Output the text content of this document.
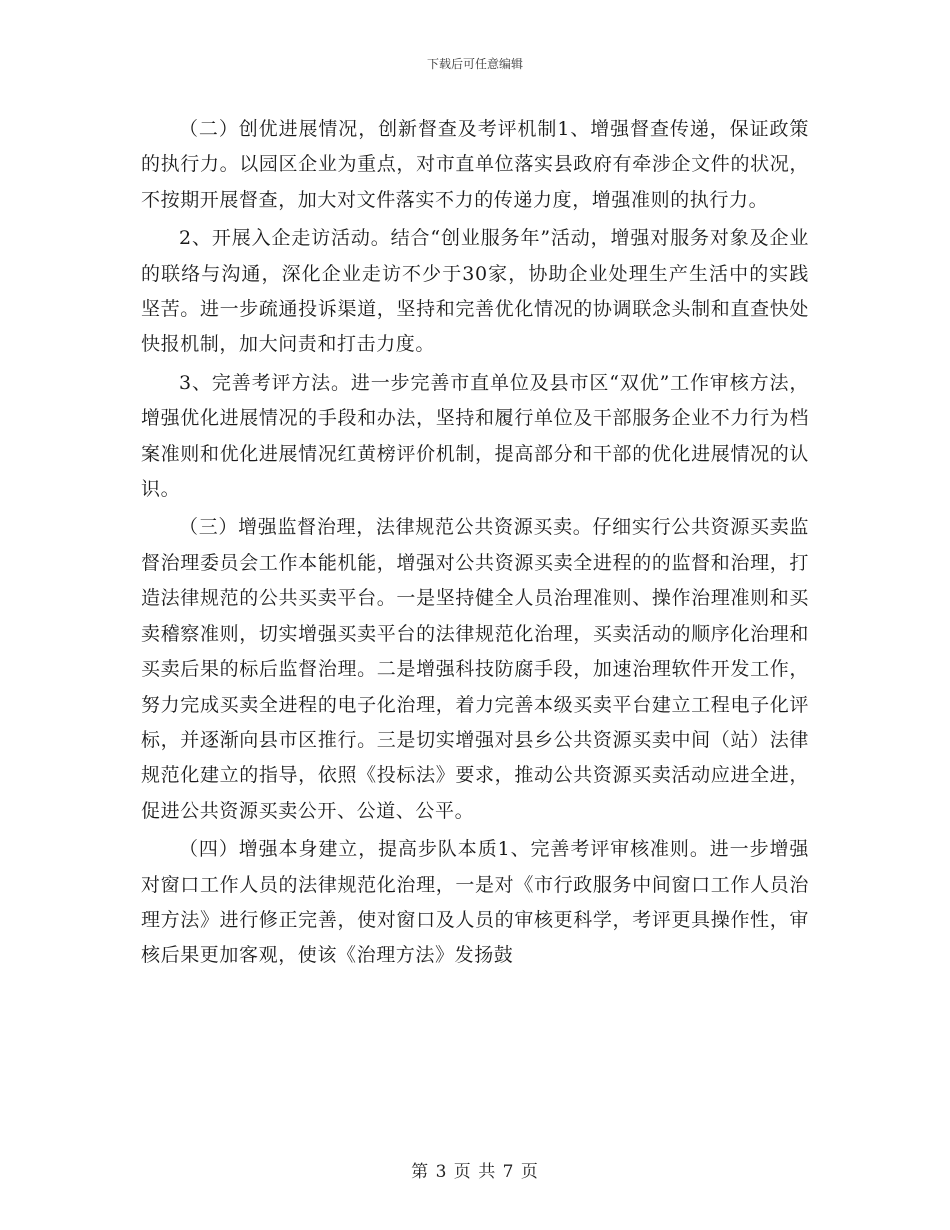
下载后可任意编辑

（二）创优进展情况，创新督查及考评机制1、增强督查传递，保证政策的执行力。以园区企业为重点，对市直单位落实县政府有牵涉企文件的状况，不按期开展督查，加大对文件落实不力的传递力度，增强准则的执行力。

2、开展入企走访活动。结合“创业服务年”活动，增强对服务对象及企业的联络与沟通，深化企业走访不少于30家，协助企业处理生产生活中的实践坚苦。进一步疏通投诉渠道，坚持和完善优化情况的协调联念头制和直查快处快报机制，加大问责和打击力度。

3、完善考评方法。进一步完善市直单位及县市区“双优”工作审核方法，增强优化进展情况的手段和办法，坚持和履行单位及干部服务企业不力行为档案准则和优化进展情况红黄榜评价机制，提高部分和干部的优化进展情况的认识。

（三）增强监督治理，法律规范公共资源买卖。仔细实行公共资源买卖监督治理委员会工作本能机能，增强对公共资源买卖全进程的的监督和治理，打造法律规范的公共买卖平台。一是坚持健全人员治理准则、操作治理准则和买卖稽察准则，切实增强买卖平台的法律规范化治理，买卖活动的顺序化治理和买卖后果的标后监督治理。二是增强科技防腐手段，加速治理软件开发工作，努力完成买卖全进程的电子化治理，着力完善本级买卖平台建立工程电子化评标，并逐渐向县市区推行。三是切实增强对县乡公共资源买卖中间（站）法律规范化建立的指导，依照《投标法》要求，推动公共资源买卖活动应进全进，促进公共资源买卖公开、公道、公平。

（四）增强本身建立，提高步队本质1、完善考评审核准则。进一步增强对窗口工作人员的法律规范化治理，一是对《市行政服务中间窗口工作人员治理方法》进行修正完善，使对窗口及人员的审核更科学，考评更具操作性，审核后果更加客观，使该《治理方法》发扬鼓

第 3 页 共 7 页
